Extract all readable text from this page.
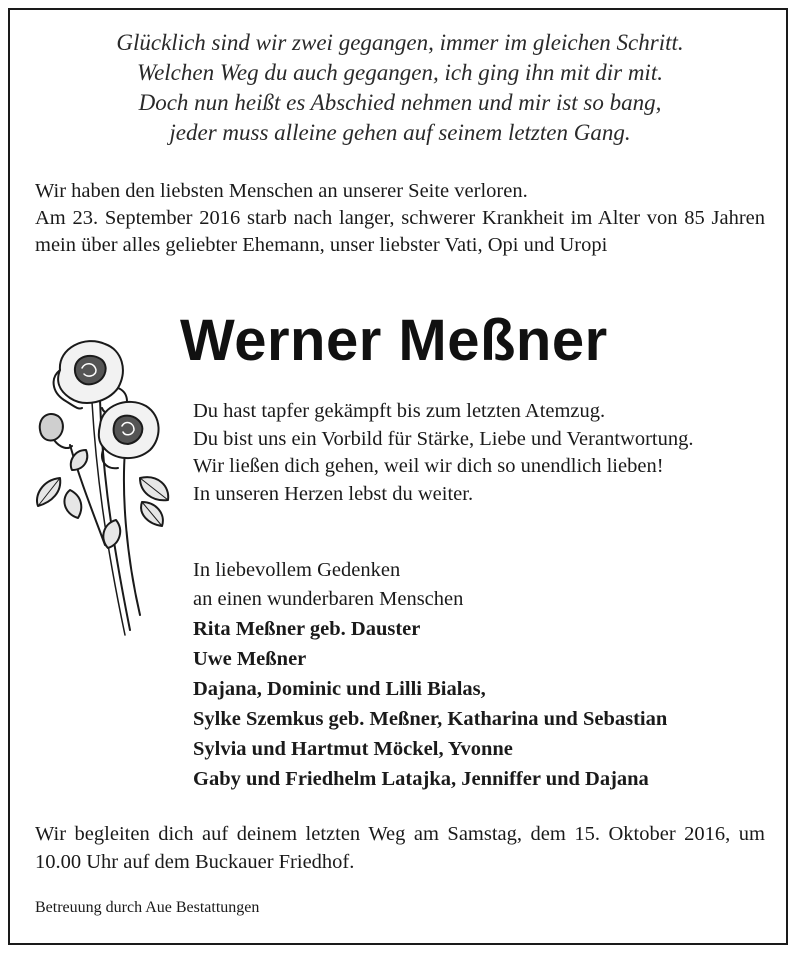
Glücklich sind wir zwei gegangen, immer im gleichen Schritt.
Welchen Weg du auch gegangen, ich ging ihn mit dir mit.
Doch nun heißt es Abschied nehmen und mir ist so bang,
jeder muss alleine gehen auf seinem letzten Gang.

Wir haben den liebsten Menschen an unserer Seite verloren.

Am 23. September 2016 starb nach langer, schwerer Krankheit im Alter von 85 Jahren mein über alles geliebter Ehemann, unser liebster Vati, Opi und Uropi

Werner Meßner
Du hast tapfer gekämpft bis zum letzten Atemzug.
Du bist uns ein Vorbild für Stärke, Liebe und Verantwortung.
Wir ließen dich gehen, weil wir dich so unendlich lieben!
In unseren Herzen lebst du weiter.
In liebevollem Gedenken
an einen wunderbaren Menschen
Rita Meßner geb. Dauster
Uwe Meßner
Dajana, Dominic und Lilli Bialas,
Sylke Szemkus geb. Meßner, Katharina und Sebastian
Sylvia und Hartmut Möckel, Yvonne
Gaby und Friedhelm Latajka, Jenniffer und Dajana

Wir begleiten dich auf deinem letzten Weg am Samstag, dem 15. Oktober 2016, um 10.00 Uhr auf dem Buckauer Friedhof.

Betreuung durch Aue Bestattungen
